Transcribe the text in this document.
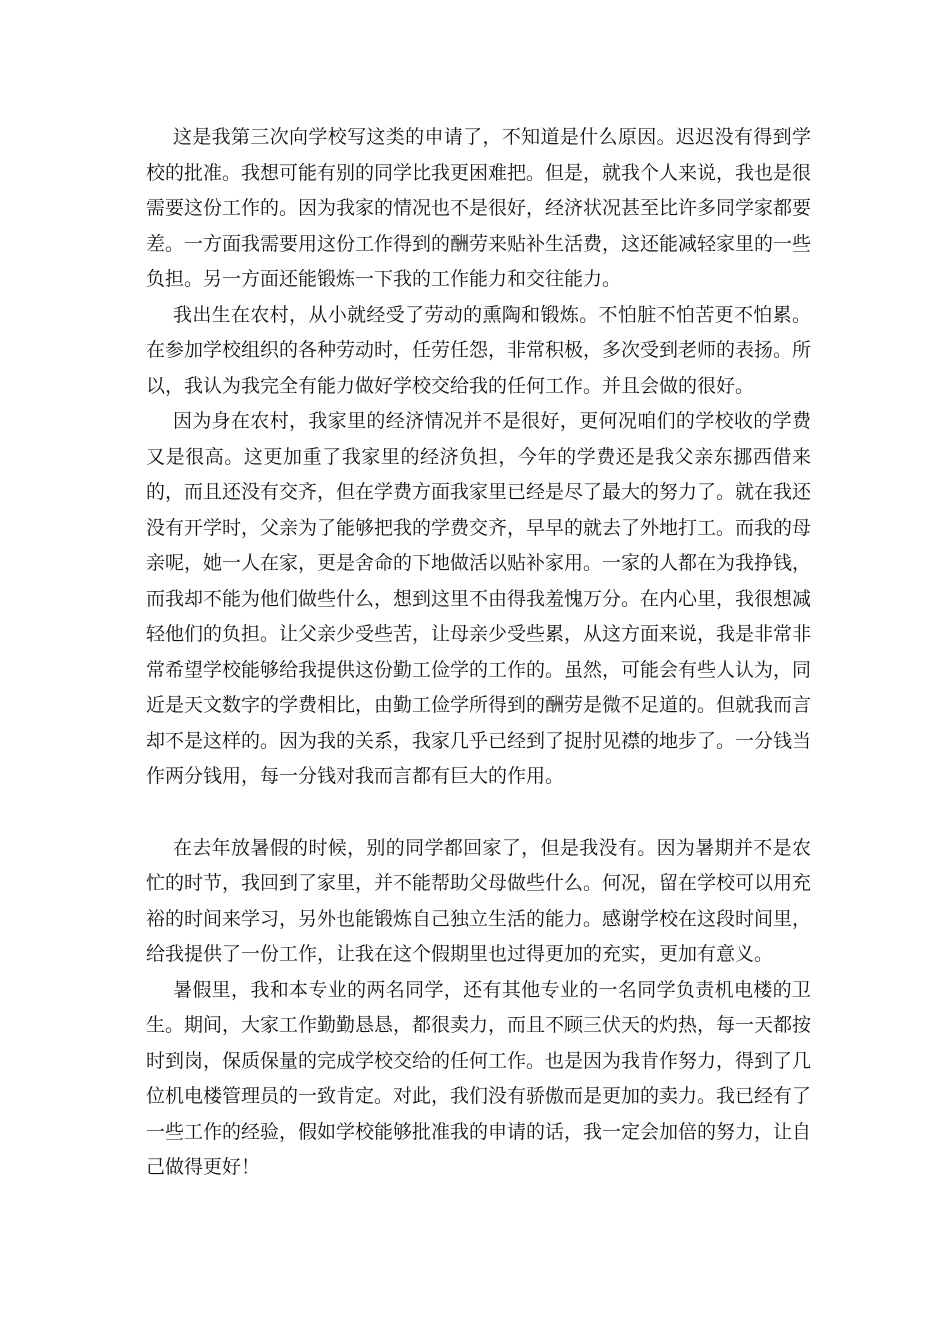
这是我第三次向学校写这类的申请了，不知道是什么原因。迟迟没有得到学校的批准。我想可能有别的同学比我更困难把。但是，就我个人来说，我也是很需要这份工作的。因为我家的情况也不是很好，经济状况甚至比许多同学家都要差。一方面我需要用这份工作得到的酬劳来贴补生活费，这还能减轻家里的一些负担。另一方面还能锻炼一下我的工作能力和交往能力。

我出生在农村，从小就经受了劳动的熏陶和锻炼。不怕脏不怕苦更不怕累。在参加学校组织的各种劳动时，任劳任怨，非常积极，多次受到老师的表扬。所以，我认为我完全有能力做好学校交给我的任何工作。并且会做的很好。

因为身在农村，我家里的经济情况并不是很好，更何况咱们的学校收的学费又是很高。这更加重了我家里的经济负担，今年的学费还是我父亲东挪西借来的，而且还没有交齐，但在学费方面我家里已经是尽了最大的努力了。就在我还没有开学时，父亲为了能够把我的学费交齐，早早的就去了外地打工。而我的母亲呢，她一人在家，更是舍命的下地做活以贴补家用。一家的人都在为我挣钱，而我却不能为他们做些什么，想到这里不由得我羞愧万分。在内心里，我很想减轻他们的负担。让父亲少受些苦，让母亲少受些累，从这方面来说，我是非常非常希望学校能够给我提供这份勤工俭学的工作的。虽然，可能会有些人认为，同近是天文数字的学费相比，由勤工俭学所得到的酬劳是微不足道的。但就我而言却不是这样的。因为我的关系，我家几乎已经到了捉肘见襟的地步了。一分钱当作两分钱用，每一分钱对我而言都有巨大的作用。

在去年放暑假的时候，别的同学都回家了，但是我没有。因为暑期并不是农忙的时节，我回到了家里，并不能帮助父母做些什么。何况，留在学校可以用充裕的时间来学习，另外也能锻炼自己独立生活的能力。感谢学校在这段时间里，给我提供了一份工作，让我在这个假期里也过得更加的充实，更加有意义。

暑假里，我和本专业的两名同学，还有其他专业的一名同学负责机电楼的卫生。期间，大家工作勤勤恳恳，都很卖力，而且不顾三伏天的灼热，每一天都按时到岗，保质保量的完成学校交给的任何工作。也是因为我肯作努力，得到了几位机电楼管理员的一致肯定。对此，我们没有骄傲而是更加的卖力。我已经有了一些工作的经验，假如学校能够批准我的申请的话，我一定会加倍的努力，让自己做得更好！
